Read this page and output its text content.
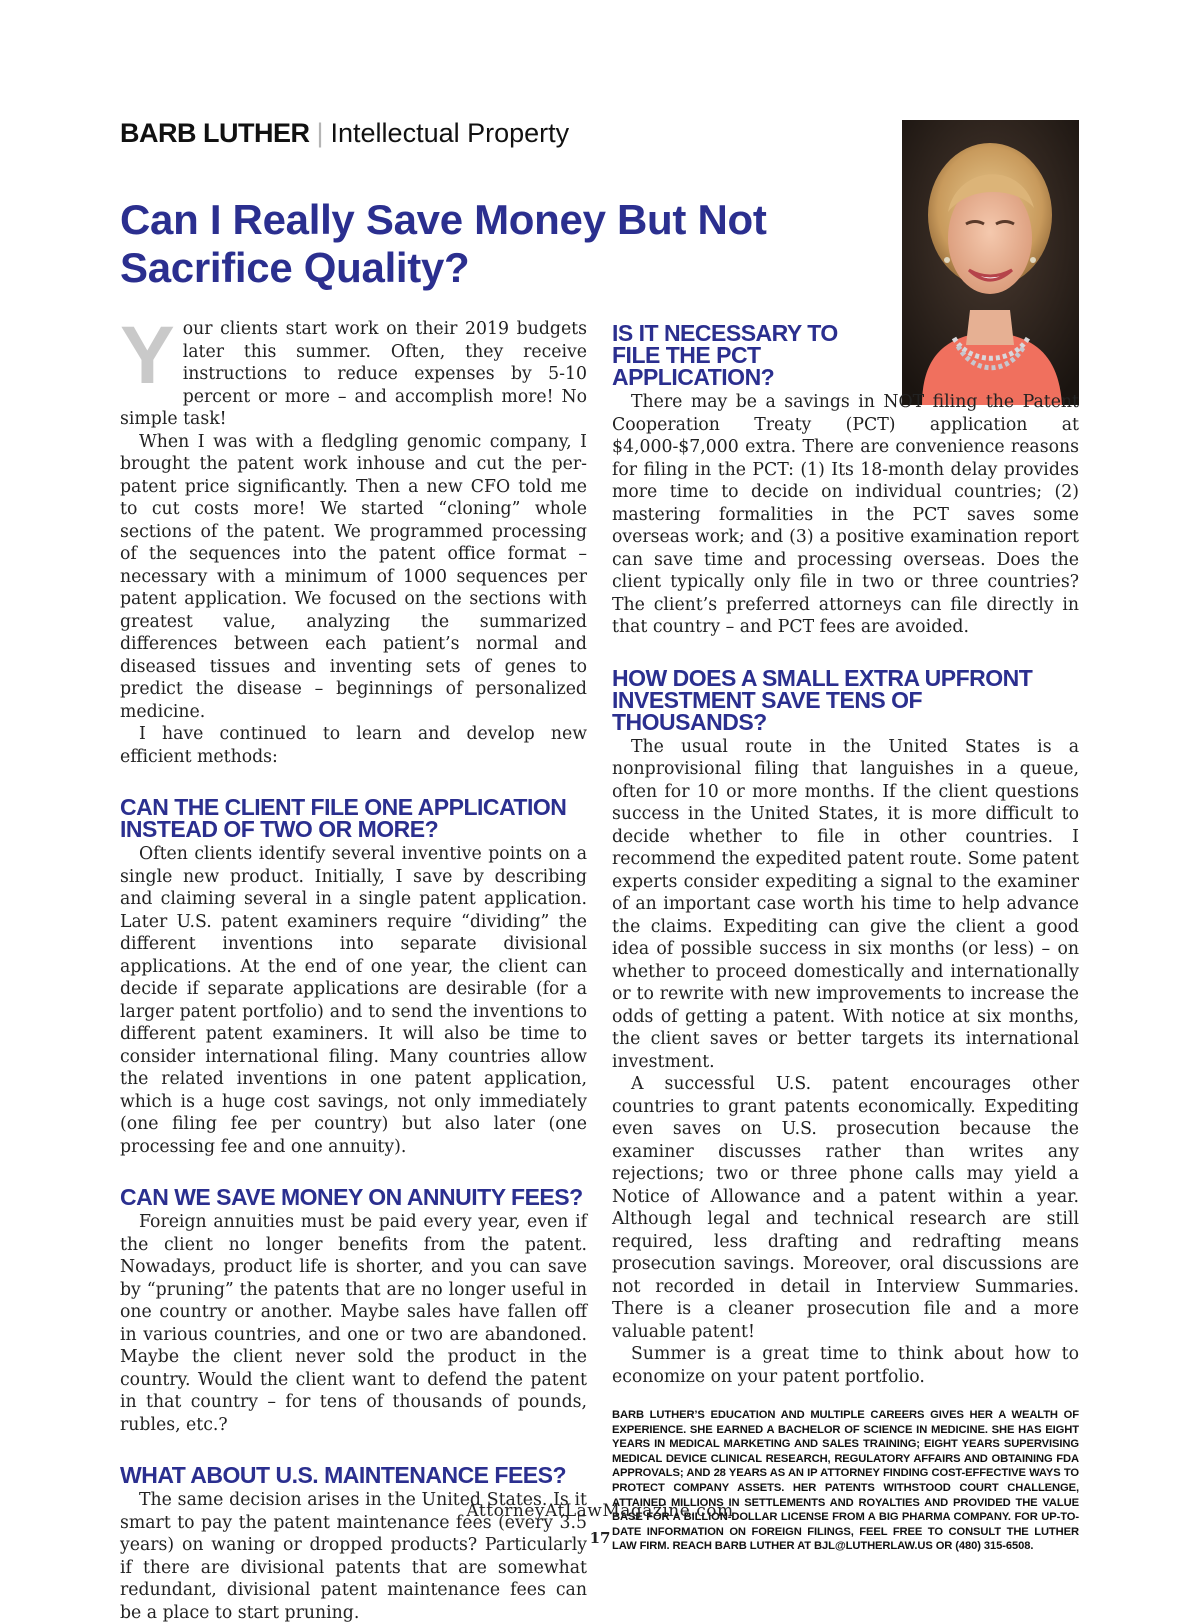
BARB LUTHER | Intellectual Property
Can I Really Save Money But Not Sacrifice Quality?

Your clients start work on their 2019 budgets later this summer. Often, they receive instructions to reduce expenses by 5-10 percent or more – and accomplish more! No simple task!

When I was with a fledgling genomic company, I brought the patent work inhouse and cut the per-patent price significantly. Then a new CFO told me to cut costs more! We started “cloning” whole sections of the patent. We programmed processing of the sequences into the patent office format – necessary with a minimum of 1000 sequences per patent application. We focused on the sections with greatest value, analyzing the summarized differences between each patient’s normal and diseased tissues and inventing sets of genes to predict the disease – beginnings of personalized medicine.

I have continued to learn and develop new efficient methods:

CAN THE CLIENT FILE ONE APPLICATION INSTEAD OF TWO OR MORE?

Often clients identify several inventive points on a single new product. Initially, I save by describing and claiming several in a single patent application. Later U.S. patent examiners require “dividing” the different inventions into separate divisional applications. At the end of one year, the client can decide if separate applications are desirable (for a larger patent portfolio) and to send the inventions to different patent examiners. It will also be time to consider international filing. Many countries allow the related inventions in one patent application, which is a huge cost savings, not only immediately (one filing fee per country) but also later (one processing fee and one annuity).

CAN WE SAVE MONEY ON ANNUITY FEES?

Foreign annuities must be paid every year, even if the client no longer benefits from the patent. Nowadays, product life is shorter, and you can save by “pruning” the patents that are no longer useful in one country or another. Maybe sales have fallen off in various countries, and one or two are abandoned. Maybe the client never sold the product in the country. Would the client want to defend the patent in that country – for tens of thousands of pounds, rubles, etc.?

WHAT ABOUT U.S. MAINTENANCE FEES?

The same decision arises in the United States. Is it smart to pay the patent maintenance fees (every 3.5 years) on waning or dropped products? Particularly if there are divisional patents that are somewhat redundant, divisional patent maintenance fees can be a place to start pruning.

IS IT NECESSARY TO FILE THE PCT APPLICATION?

There may be a savings in NOT filing the Patent Cooperation Treaty (PCT) application at $4,000-$7,000 extra. There are convenience reasons for filing in the PCT: (1) Its 18-month delay provides more time to decide on individual countries; (2) mastering formalities in the PCT saves some overseas work; and (3) a positive examination report can save time and processing overseas. Does the client typically only file in two or three countries? The client’s preferred attorneys can file directly in that country – and PCT fees are avoided.

HOW DOES A SMALL EXTRA UPFRONT INVESTMENT SAVE TENS OF THOUSANDS?

The usual route in the United States is a nonprovisional filing that languishes in a queue, often for 10 or more months. If the client questions success in the United States, it is more difficult to decide whether to file in other countries. I recommend the expedited patent route. Some patent experts consider expediting a signal to the examiner of an important case worth his time to help advance the claims. Expediting can give the client a good idea of possible success in six months (or less) – on whether to proceed domestically and internationally or to rewrite with new improvements to increase the odds of getting a patent. With notice at six months, the client saves or better targets its international investment.

A successful U.S. patent encourages other countries to grant patents economically. Expediting even saves on U.S. prosecution because the examiner discusses rather than writes any rejections; two or three phone calls may yield a Notice of Allowance and a patent within a year. Although legal and technical research are still required, less drafting and redrafting means prosecution savings. Moreover, oral discussions are not recorded in detail in Interview Summaries. There is a cleaner prosecution file and a more valuable patent!

Summer is a great time to think about how to economize on your patent portfolio.

BARB LUTHER’S EDUCATION AND MULTIPLE CAREERS GIVES HER A WEALTH OF EXPERIENCE. SHE EARNED A BACHELOR OF SCIENCE IN MEDICINE. SHE HAS EIGHT YEARS IN MEDICAL MARKETING AND SALES TRAINING; EIGHT YEARS SUPERVISING MEDICAL DEVICE CLINICAL RESEARCH, REGULATORY AFFAIRS AND OBTAINING FDA APPROVALS; AND 28 YEARS AS AN IP ATTORNEY FINDING COST-EFFECTIVE WAYS TO PROTECT COMPANY ASSETS. HER PATENTS WITHSTOOD COURT CHALLENGE, ATTAINED MILLIONS IN SETTLEMENTS AND ROYALTIES AND PROVIDED THE VALUE BASE FOR A BILLION-DOLLAR LICENSE FROM A BIG PHARMA COMPANY. FOR UP-TO-DATE INFORMATION ON FOREIGN FILINGS, FEEL FREE TO CONSULT THE LUTHER LAW FIRM. REACH BARB LUTHER AT BJL@LUTHERLAW.US OR (480) 315-6508.
AttorneyAtLawMagazine.com
17
